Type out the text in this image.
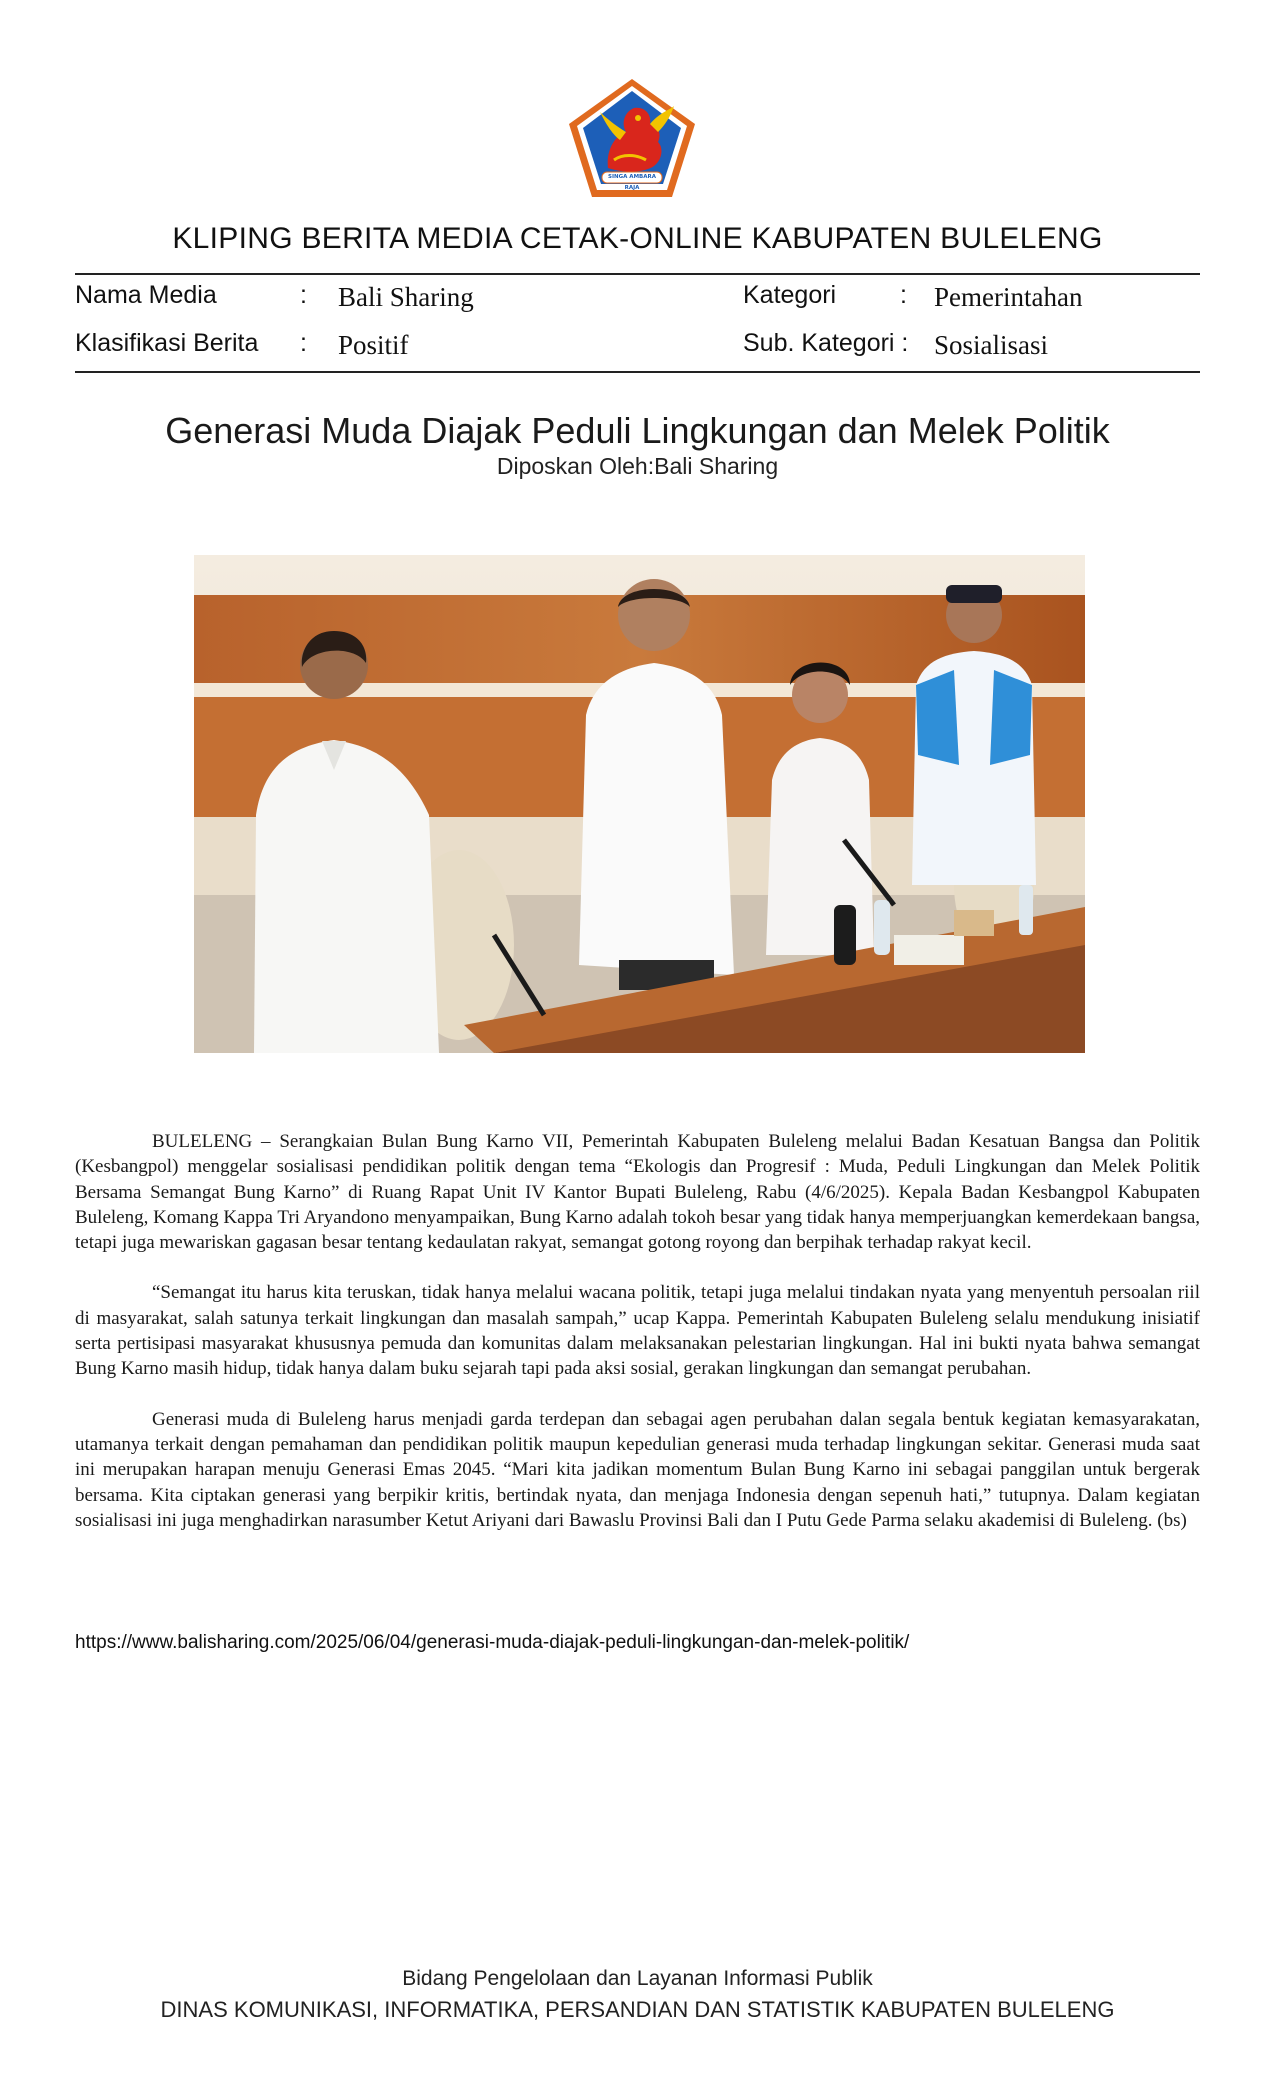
SINGA AMBARA RAJA
KLIPING BERITA MEDIA CETAK-ONLINE KABUPATEN BULELENG
Nama Media	: Bali Sharing	Kategori	: Pemerintahan
Klasifikasi Berita : Positif	Sub. Kategori : Sosialisasi
Generasi Muda Diajak Peduli Lingkungan dan Melek Politik
Diposkan Oleh:Bali Sharing

BULELENG – Serangkaian Bulan Bung Karno VII, Pemerintah Kabupaten Buleleng melalui Badan Kesatuan Bangsa dan Politik (Kesbangpol) menggelar sosialisasi pendidikan politik dengan tema “Ekologis dan Progresif : Muda, Peduli Lingkungan dan Melek Politik Bersama Semangat Bung Karno” di Ruang Rapat Unit IV Kantor Bupati Buleleng, Rabu (4/6/2025). Kepala Badan Kesbangpol Kabupaten Buleleng, Komang Kappa Tri Aryandono menyampaikan, Bung Karno adalah tokoh besar yang tidak hanya memperjuangkan kemerdekaan bangsa, tetapi juga mewariskan gagasan besar tentang kedaulatan rakyat, semangat gotong royong dan berpihak terhadap rakyat kecil.

“Semangat itu harus kita teruskan, tidak hanya melalui wacana politik, tetapi juga melalui tindakan nyata yang menyentuh persoalan riil di masyarakat, salah satunya terkait lingkungan dan masalah sampah,” ucap Kappa. Pemerintah Kabupaten Buleleng selalu mendukung inisiatif serta pertisipasi masyarakat khususnya pemuda dan komunitas dalam melaksanakan pelestarian lingkungan. Hal ini bukti nyata bahwa semangat Bung Karno masih hidup, tidak hanya dalam buku sejarah tapi pada aksi sosial, gerakan lingkungan dan semangat perubahan.

Generasi muda di Buleleng harus menjadi garda terdepan dan sebagai agen perubahan dalan segala bentuk kegiatan kemasyarakatan, utamanya terkait dengan pemahaman dan pendidikan politik maupun kepedulian generasi muda terhadap lingkungan sekitar. Generasi muda saat ini merupakan harapan menuju Generasi Emas 2045. “Mari kita jadikan momentum Bulan Bung Karno ini sebagai panggilan untuk bergerak bersama. Kita ciptakan generasi yang berpikir kritis, bertindak nyata, dan menjaga Indonesia dengan sepenuh hati,” tutupnya. Dalam kegiatan sosialisasi ini juga menghadirkan narasumber Ketut Ariyani dari Bawaslu Provinsi Bali dan I Putu Gede Parma selaku akademisi di Buleleng. (bs)

https://www.balisharing.com/2025/06/04/generasi-muda-diajak-peduli-lingkungan-dan-melek-politik/
Bidang Pengelolaan dan Layanan Informasi Publik
DINAS KOMUNIKASI, INFORMATIKA, PERSANDIAN DAN STATISTIK KABUPATEN BULELENG
